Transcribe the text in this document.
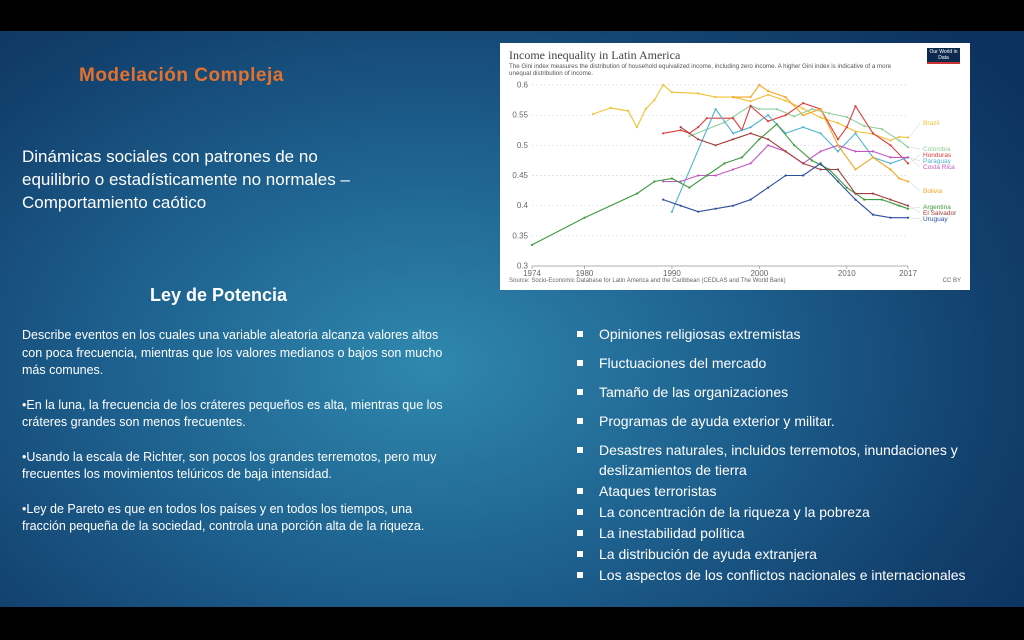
Modelación Compleja
Dinámicas sociales con patrones de no equilibrio o estadísticamente no normales – Comportamiento caótico
Income inequality in Latin America
The Gini index measures the distribution of household equivalized income, including zero income. A higher Gini index is indicative of a more unequal distribution of income.
Our World in Data
0.3
0.35
0.4
0.45
0.5
0.55
0.6
1974	1980	1990	2000	2010	2017
Brazil
Colombia
Honduras
Paraguay
Costa Rica
Bolivia
Argentina
El Salvador
Uruguay
Source: Socio-Economic Database for Latin America and the Caribbean (CEDLAS and The World Bank)	CC BY
Ley de Potencia

Describe eventos en los cuales una variable aleatoria alcanza valores altos con poca frecuencia, mientras que los valores medianos o bajos son mucho más comunes.

•En la luna, la frecuencia de los cráteres pequeños es alta, mientras que los cráteres grandes son menos frecuentes.

•Usando la escala de Richter, son pocos los grandes terremotos, pero muy frecuentes los movimientos telúricos de baja intensidad.

•Ley de Pareto es que en todos los países y en todos los tiempos, una fracción pequeña de la sociedad, controla una porción alta de la riqueza.

Opiniones religiosas extremistas
Fluctuaciones del mercado
Tamaño de las organizaciones
Programas de ayuda exterior y militar.
Desastres naturales, incluidos terremotos, inundaciones y deslizamientos de tierra
Ataques terroristas
La concentración de la riqueza y la pobreza
La inestabilidad política
La distribución de ayuda extranjera
Los aspectos de los conflictos nacionales e internacionales
